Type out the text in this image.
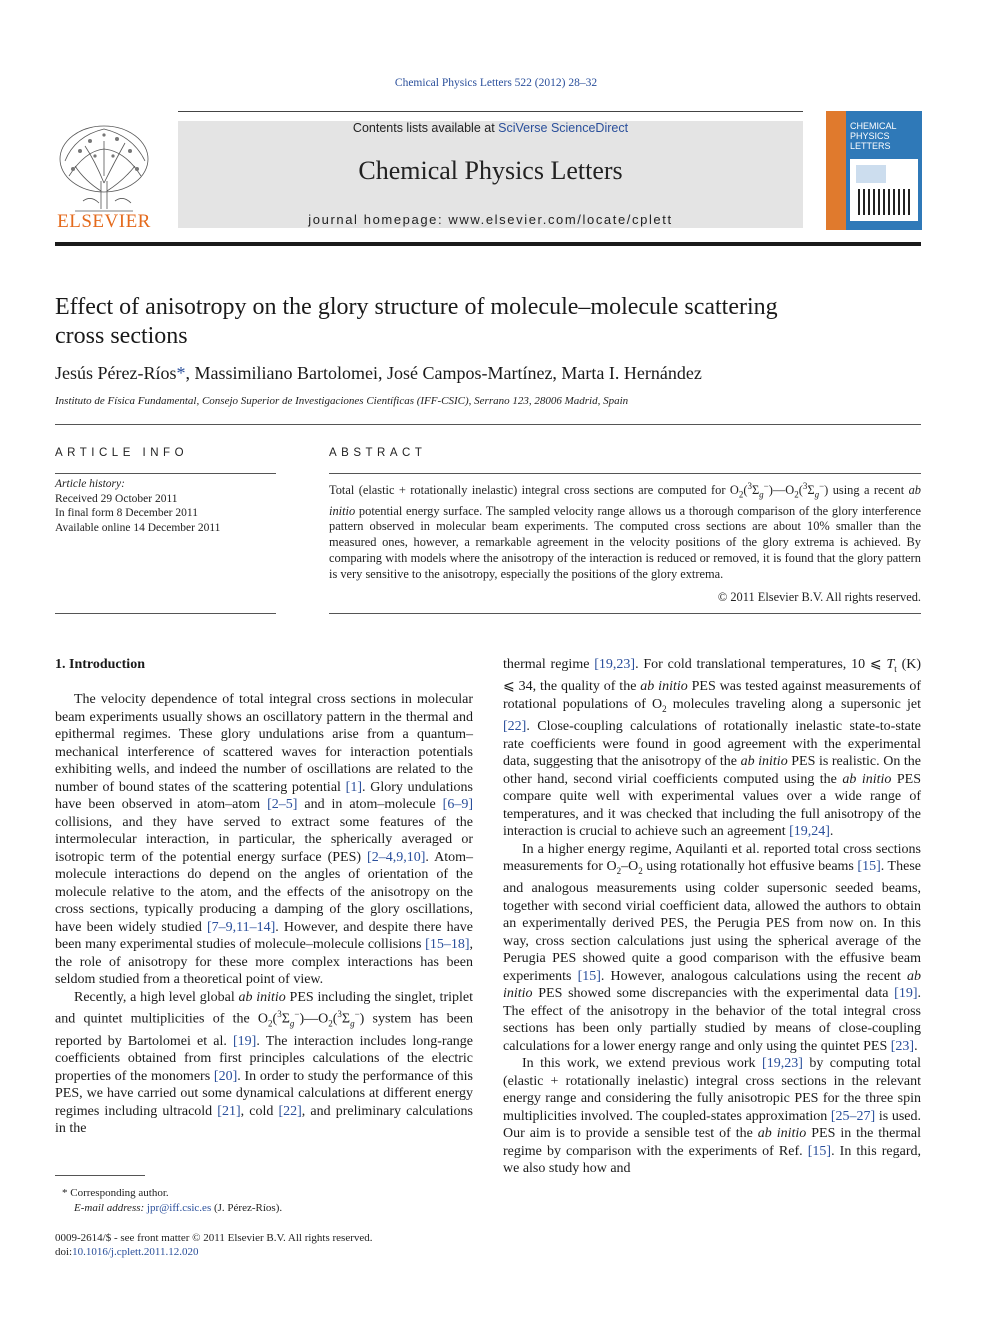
Chemical Physics Letters 522 (2012) 28–32
ELSEVIER
Contents lists available at SciVerse ScienceDirect
Chemical Physics Letters
journal homepage: www.elsevier.com/locate/cplett
CHEMICAL
PHYSICS
LETTERS
Effect of anisotropy on the glory structure of molecule–molecule scattering
cross sections
Jesús Pérez-Ríos*, Massimiliano Bartolomei, José Campos-Martínez, Marta I. Hernández
Instituto de Física Fundamental, Consejo Superior de Investigaciones Científicas (IFF-CSIC), Serrano 123, 28006 Madrid, Spain
ARTICLE INFO
Article history:
Received 29 October 2011
In final form 8 December 2011
Available online 14 December 2011
ABSTRACT
Total (elastic + rotationally inelastic) integral cross sections are computed for $O_2(^3\Sigma_g^-)—O_2(^3\Sigma_g^-)$ using a recent ab initio potential energy surface. The sampled velocity range allows us a thorough comparison of the glory interference pattern observed in molecular beam experiments. The computed cross sections are about 10% smaller than the measured ones, however, a remarkable agreement in the velocity positions of the glory extrema is achieved. By comparing with models where the anisotropy of the interaction is reduced or removed, it is found that the glory pattern is very sensitive to the anisotropy, especially the positions of the glory extrema.
© 2011 Elsevier B.V. All rights reserved.
1. Introduction

The velocity dependence of total integral cross sections in molecular beam experiments usually shows an oscillatory pattern in the thermal and epithermal regimes. These glory undulations arise from a quantum–mechanical interference of scattered waves for interaction potentials exhibiting wells, and indeed the number of oscillations are related to the number of bound states of the scattering potential [1]. Glory undulations have been observed in atom–atom [2–5] and in atom–molecule [6–9] collisions, and they have served to extract some features of the intermolecular interaction, in particular, the spherically averaged or isotropic term of the potential energy surface (PES) [2–4,9,10]. Atom–molecule interactions do depend on the angles of orientation of the molecule relative to the atom, and the effects of the anisotropy on the cross sections, typically producing a damping of the glory oscillations, have been widely studied [7–9,11–14]. However, and despite there have been many experimental studies of molecule–molecule collisions [15–18], the role of anisotropy for these more complex interactions has been seldom studied from a theoretical point of view.

Recently, a high level global ab initio PES including the singlet, triplet and quintet multiplicities of the $O_2(^3\Sigma_g^-)—O_2(^3\Sigma_g^-)$ system has been reported by Bartolomei et al. [19]. The interaction includes long-range coefficients obtained from first principles calculations of the electric properties of the monomers [20]. In order to study the performance of this PES, we have carried out some dynamical calculations at different energy regimes including ultracold [21], cold [22], and preliminary calculations in the

* Corresponding author.
E-mail address: jpr@iff.csic.es (J. Pérez-Ríos).
0009-2614/$ - see front matter © 2011 Elsevier B.V. All rights reserved.
doi:10.1016/j.cplett.2011.12.020

thermal regime [19,23]. For cold translational temperatures, 10 ⩽ $T_t$ (K) ⩽ 34, the quality of the ab initio PES was tested against measurements of rotational populations of $O_2$ molecules traveling along a supersonic jet [22]. Close-coupling calculations of rotationally inelastic state-to-state rate coefficients were found in good agreement with the experimental data, suggesting that the anisotropy of the ab initio PES is realistic. On the other hand, second virial coefficients computed using the ab initio PES compare quite well with experimental values over a wide range of temperatures, and it was checked that including the full anisotropy of the interaction is crucial to achieve such an agreement [19,24].

In a higher energy regime, Aquilanti et al. reported total cross sections measurements for $O_2-O_2$ using rotationally hot effusive beams [15]. These and analogous measurements using colder supersonic seeded beams, together with second virial coefficient data, allowed the authors to obtain an experimentally derived PES, the Perugia PES from now on. In this way, cross section calculations just using the spherical average of the Perugia PES showed quite a good comparison with the effusive beam experiments [15]. However, analogous calculations using the recent ab initio PES showed some discrepancies with the experimental data [19]. The effect of the anisotropy in the behavior of the total integral cross sections has been only partially studied by means of close-coupling calculations for a lower energy range and only using the quintet PES [23].

In this work, we extend previous work [19,23] by computing total (elastic + rotationally inelastic) integral cross sections in the relevant energy range and considering the fully anisotropic PES for the three spin multiplicities involved. The coupled-states approximation [25–27] is used. Our aim is to provide a sensible test of the ab initio PES in the thermal regime by comparison with the experiments of Ref. [15]. In this regard, we also study how and
